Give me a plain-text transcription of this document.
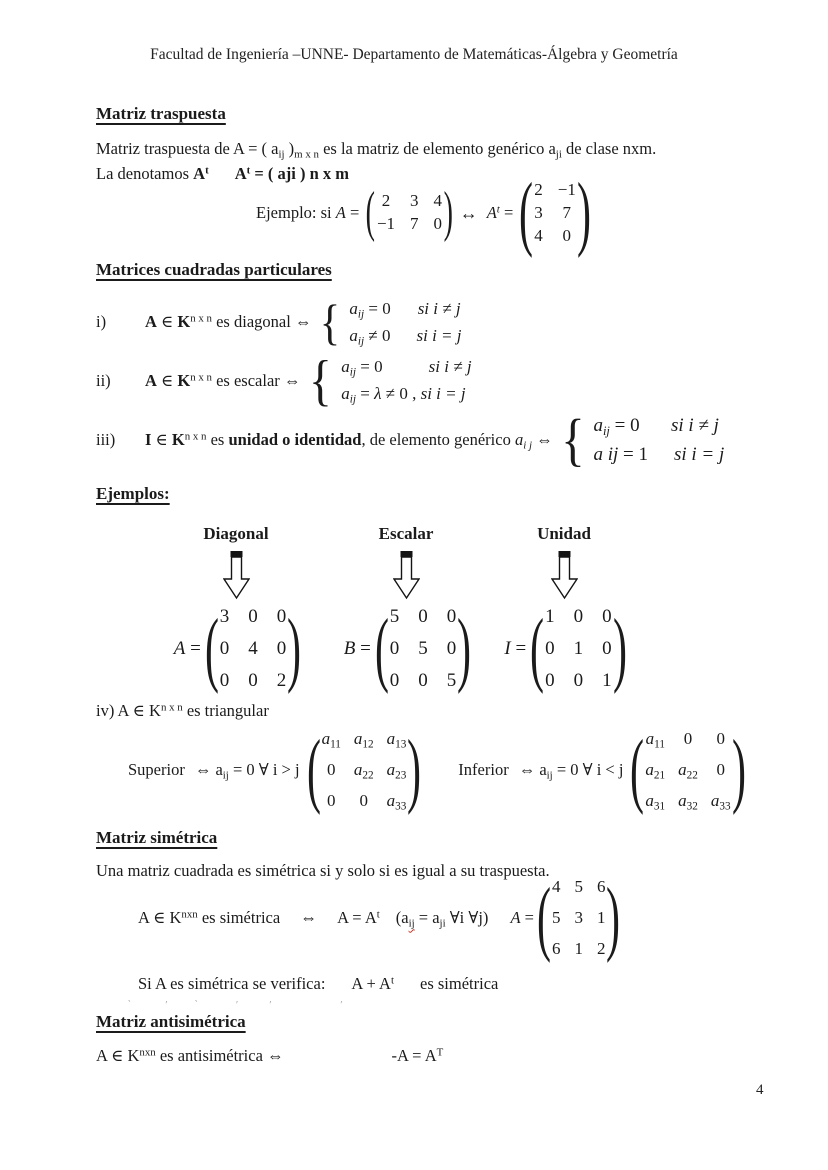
Facultad de Ingeniería –UNNE- Departamento de Matemáticas-Álgebra y Geometría
Matriz traspuesta
Matriz traspuesta de A = ( $a_{ij}$ )$_{m x n}$ es la matriz de elemento genérico $a_{ji}$ de clase nxm.
La denotamos $A^t$ $A^t$ = ( aji ) n x m
Ejemplo: si A = ( 2 3 4
−1 7 0 ) ↔ $A^t$ = ( 2 −1
3 7
4 0 )
Matrices cuadradas particulares
i)	A ∈ $K^{n x n}$ es diagonal ⇔ { $a_{ij} = 0$ si i ≠ j
$a_{ij} \ne 0$ si i = j
ii)	A ∈ $K^{n x n}$ es escalar ⇔ { $a_{ij} = 0$	si i ≠ j
$a_{ij} = \lambda \ne 0$ , si i = j
iii)	I ∈ $K^{n x n}$ es unidad o identidad, de elemento genérico $a_{i j}$ ⇔ { $a_{ij} = 0$ si i ≠ j
a ij = 1 si i = j
Ejemplos:
Diagonal
A = ( 3 0 0
0 4 0
0 0 2 )
Escalar
B = ( 5 0 0
0 5 0
0 0 5 )
Unidad
I = ( 1 0 0
0 1 0
0 0 1 )
iv) A ∈ $K^{n x n}$ es triangular
Superior ⇔ $a_{ij} = 0$ ∀ i > j ( $a_{11}$ $a_{12}$ $a_{13}$
0 $a_{22}$ $a_{23}$
0 0 $a_{33}$ ) Inferior ⇔ $a_{ij} = 0$ ∀ i < j ( $a_{11}$ 0 0
$a_{21}$ $a_{22}$ 0
$a_{31}$ $a_{32}$ $a_{33}$ )
Matriz simétrica
Una matriz cuadrada es simétrica si y solo si es igual a su traspuesta.
A ∈ $K^{nxn}$ es simétrica ⇔ $A = A^t$ ($a_{ij} = a_{ji}$ ∀i ∀j) A = ( 4 5 6
5 3 1
6 1 2 )
Si A es simétrica se verifica: $A + A^t$ es simétrica
‵         ′       ‵          ′        ′                  ′
Matriz antisimétrica
A ∈ $K^{nxn}$ es antisimétrica ⇔	$-A = A^T$
4
